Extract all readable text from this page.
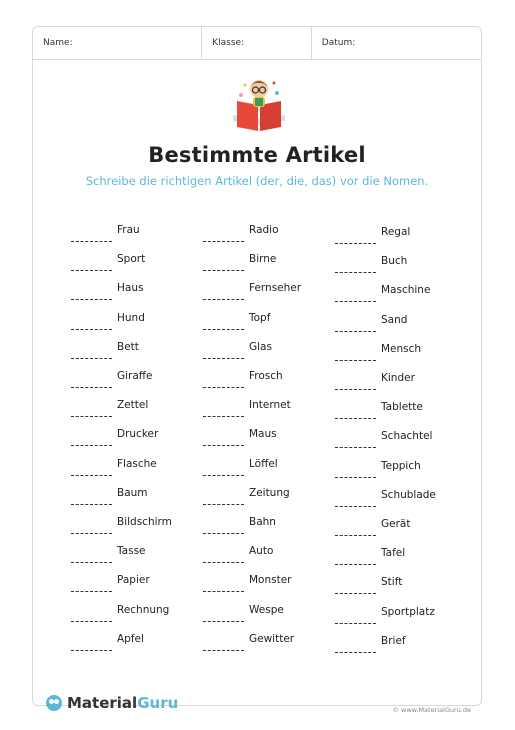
Name:	Klasse:	Datum:
Bestimmte Artikel
Schreibe die richtigen Artikel (der, die, das) vor die Nomen.
Frau
Sport
Haus
Hund
Bett
Giraffe
Zettel
Drucker
Flasche
Baum
Bildschirm
Tasse
Papier
Rechnung
Apfel
Radio
Birne
Fernseher
Topf
Glas
Frosch
Internet
Maus
Löffel
Zeitung
Bahn
Auto
Monster
Wespe
Gewitter
Regal
Buch
Maschine
Sand
Mensch
Kinder
Tablette
Schachtel
Teppich
Schublade
Gerät
Tafel
Stift
Sportplatz
Brief
Material Guru	© www.MaterialGuru.de
